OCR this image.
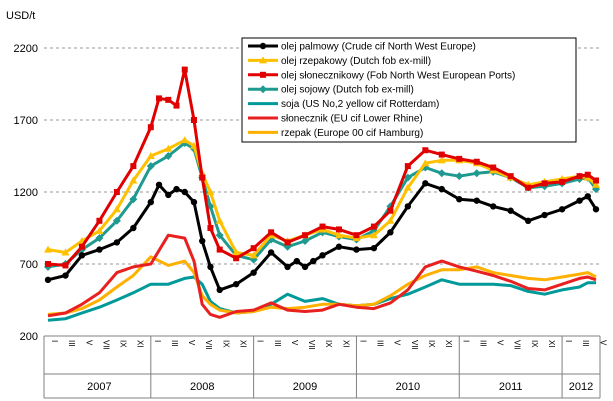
USD/t
200
700
1200
1700
2200
I III V VII IX XI
2007
I III V VII IX XI
2008
I III V VII IX XI
2009
I III V VII IX XI
2010
I III V VII IX XI
2011
I III V
2012
olej palmowy (Crude cif North West Europe)
olej rzepakowy (Dutch fob ex-mill)
olej słonecznikowy (Fob North West European Ports)
olej sojowy (Dutch fob ex-mill)
soja (US No,2 yellow cif Rotterdam)
słonecznik (EU cif Lower Rhine)
rzepak (Europe 00 cif Hamburg)
